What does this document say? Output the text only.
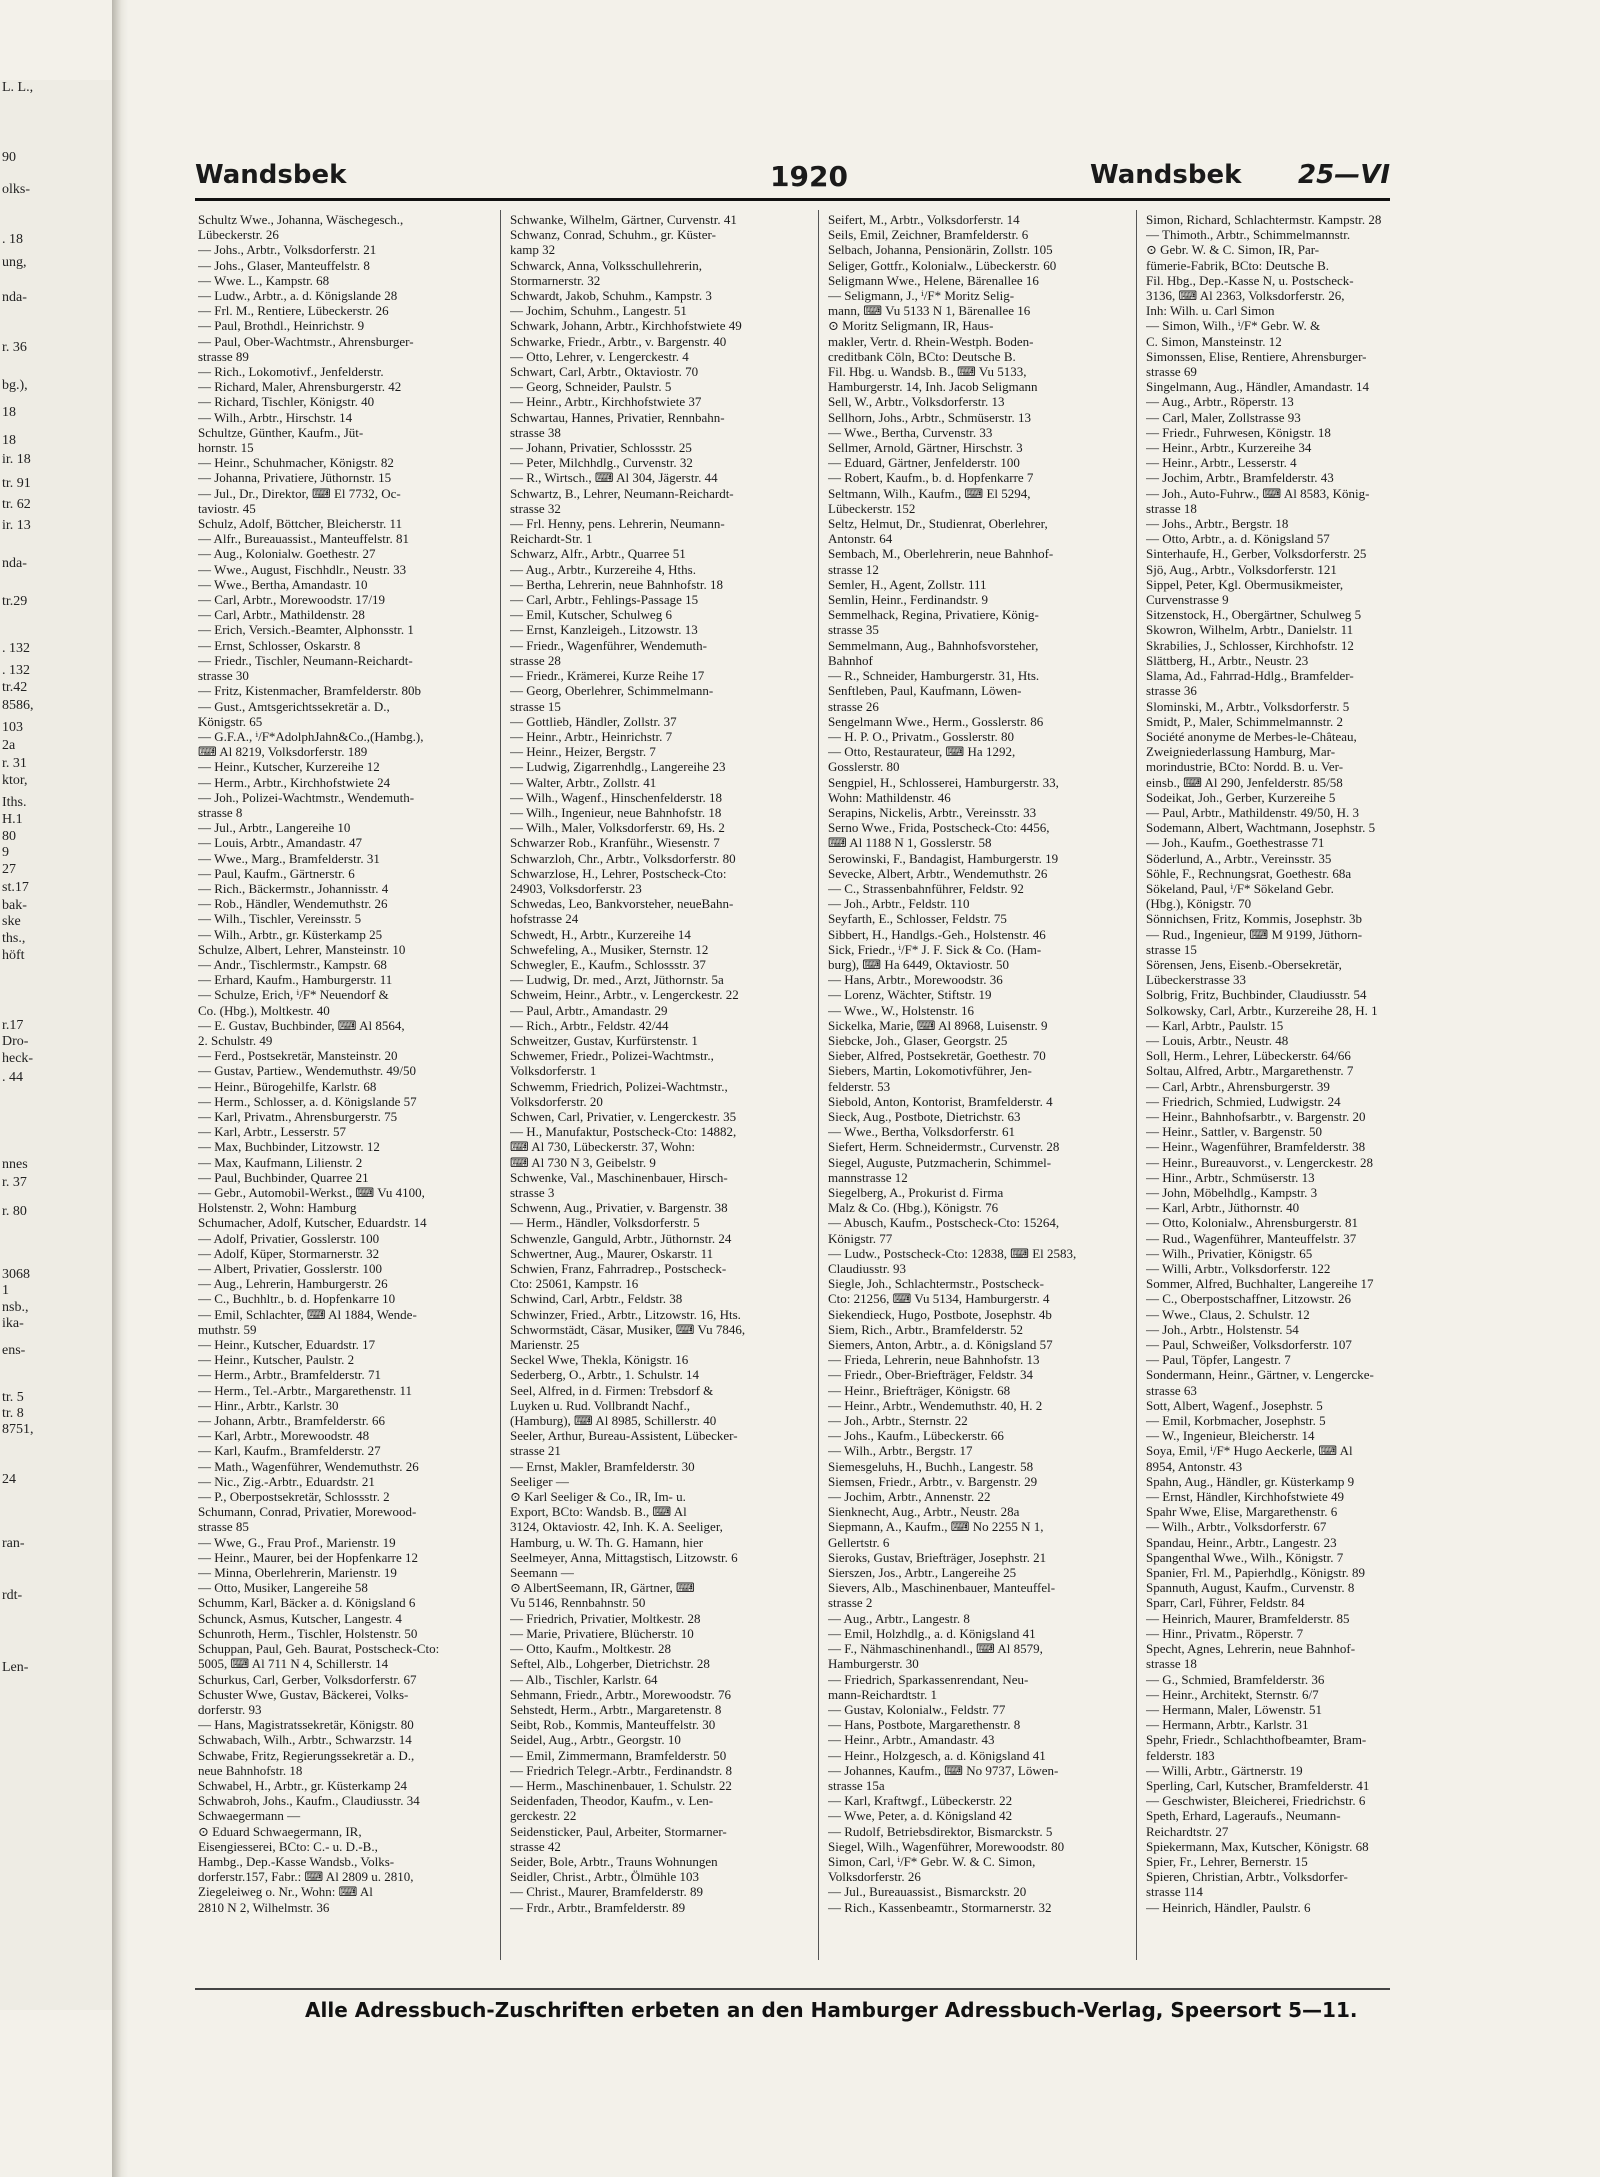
L. L.,
90
olks-
. 18
ung,
nda-
r. 36
bg.),
18
18
ir. 18
tr. 91
tr. 62
ir. 13
nda-
tr.29
. 132
. 132
tr.42
8586,
103
2a
r. 31
ktor,
Iths.
H.1
80
9
27
st.17
bak-
ske
ths.,
höft
r.17
Dro-
heck-
. 44
nnes
r. 37
r. 80
3068
1
nsb.,
ika-
ens-
tr. 5
tr. 8
8751,
24
ran-
rdt-
Len-
Wandsbek	1920	Wandsbek 25—VI
Schultz Wwe., Johanna, Wäschegesch.,
Lübeckerstr. 26
— Johs., Arbtr., Volksdorferstr. 21
— Johs., Glaser, Manteuffelstr. 8
— Wwe. L., Kampstr. 68
— Ludw., Arbtr., a. d. Königslande 28
— Frl. M., Rentiere, Lübeckerstr. 26
— Paul, Brothdl., Heinrichstr. 9
— Paul, Ober-Wachtmstr., Ahrensburger-
strasse 89
— Rich., Lokomotivf., Jenfelderstr.
— Richard, Maler, Ahrensburgerstr. 42
— Richard, Tischler, Königstr. 40
— Wilh., Arbtr., Hirschstr. 14
Schultze, Günther, Kaufm., Jüt-
hornstr. 15
— Heinr., Schuhmacher, Königstr. 82
— Johanna, Privatiere, Jüthornstr. 15
— Jul., Dr., Direktor, ⌨ El 7732, Oc-
taviostr. 45
Schulz, Adolf, Böttcher, Bleicherstr. 11
— Alfr., Bureauassist., Manteuffelstr. 81
— Aug., Kolonialw. Goethestr. 27
— Wwe., August, Fischhdlr., Neustr. 33
— Wwe., Bertha, Amandastr. 10
— Carl, Arbtr., Morewoodstr. 17/19
— Carl, Arbtr., Mathildenstr. 28
— Erich, Versich.-Beamter, Alphonsstr. 1
— Ernst, Schlosser, Oskarstr. 8
— Friedr., Tischler, Neumann-Reichardt-
strasse 30
— Fritz, Kistenmacher, Bramfelderstr. 80b
— Gust., Amtsgerichtssekretär a. D.,
Königstr. 65
— G.F.A., ⁱ/F*AdolphJahn&Co.,(Hambg.),
⌨ Al 8219, Volksdorferstr. 189
— Heinr., Kutscher, Kurzereihe 12
— Herm., Arbtr., Kirchhofstwiete 24
— Joh., Polizei-Wachtmstr., Wendemuth-
strasse 8
— Jul., Arbtr., Langereihe 10
— Louis, Arbtr., Amandastr. 47
— Wwe., Marg., Bramfelderstr. 31
— Paul, Kaufm., Gärtnerstr. 6
— Rich., Bäckermstr., Johannisstr. 4
— Rob., Händler, Wendemuthstr. 26
— Wilh., Tischler, Vereinsstr. 5
— Wilh., Arbtr., gr. Küsterkamp 25
Schulze, Albert, Lehrer, Mansteinstr. 10
— Andr., Tischlermstr., Kampstr. 68
— Erhard, Kaufm., Hamburgerstr. 11
— Schulze, Erich, ⁱ/F* Neuendorf &
Co. (Hbg.), Moltkestr. 40
— E. Gustav, Buchbinder, ⌨ Al 8564,
2. Schulstr. 49
— Ferd., Postsekretär, Mansteinstr. 20
— Gustav, Partiew., Wendemuthstr. 49/50
— Heinr., Bürogehilfe, Karlstr. 68
— Herm., Schlosser, a. d. Königslande 57
— Karl, Privatm., Ahrensburgerstr. 75
— Karl, Arbtr., Lesserstr. 57
— Max, Buchbinder, Litzowstr. 12
— Max, Kaufmann, Lilienstr. 2
— Paul, Buchbinder, Quarree 21
— Gebr., Automobil-Werkst., ⌨ Vu 4100,
Holstenstr. 2, Wohn: Hamburg
Schumacher, Adolf, Kutscher, Eduardstr. 14
— Adolf, Privatier, Gosslerstr. 100
— Adolf, Küper, Stormarnerstr. 32
— Albert, Privatier, Gosslerstr. 100
— Aug., Lehrerin, Hamburgerstr. 26
— C., Buchhltr., b. d. Hopfenkarre 10
— Emil, Schlachter, ⌨ Al 1884, Wende-
muthstr. 59
— Heinr., Kutscher, Eduardstr. 17
— Heinr., Kutscher, Paulstr. 2
— Herm., Arbtr., Bramfelderstr. 71
— Herm., Tel.-Arbtr., Margarethenstr. 11
— Hinr., Arbtr., Karlstr. 30
— Johann, Arbtr., Bramfelderstr. 66
— Karl, Arbtr., Morewoodstr. 48
— Karl, Kaufm., Bramfelderstr. 27
— Math., Wagenführer, Wendemuthstr. 26
— Nic., Zig.-Arbtr., Eduardstr. 21
— P., Oberpostsekretär, Schlossstr. 2
Schumann, Conrad, Privatier, Morewood-
strasse 85
— Wwe, G., Frau Prof., Marienstr. 19
— Heinr., Maurer, bei der Hopfenkarre 12
— Minna, Oberlehrerin, Marienstr. 19
— Otto, Musiker, Langereihe 58
Schumm, Karl, Bäcker a. d. Königsland 6
Schunck, Asmus, Kutscher, Langestr. 4
Schunroth, Herm., Tischler, Holstenstr. 50
Schuppan, Paul, Geh. Baurat, Postscheck-Cto:
5005, ⌨ Al 711 N 4, Schillerstr. 14
Schurkus, Carl, Gerber, Volksdorferstr. 67
Schuster Wwe, Gustav, Bäckerei, Volks-
dorferstr. 93
— Hans, Magistratssekretär, Königstr. 80
Schwabach, Wilh., Arbtr., Schwarzstr. 14
Schwabe, Fritz, Regierungssekretär a. D.,
neue Bahnhofstr. 18
Schwabel, H., Arbtr., gr. Küsterkamp 24
Schwabroh, Johs., Kaufm., Claudiusstr. 34
Schwaegermann —
⊙ Eduard Schwaegermann, IR,
Eisengiesserei, BCto: C.- u. D.-B.,
Hambg., Dep.-Kasse Wandsb., Volks-
dorferstr.157, Fabr.: ⌨ Al 2809 u. 2810,
Ziegeleiweg o. Nr., Wohn: ⌨ Al
2810 N 2, Wilhelmstr. 36
Schwanke, Wilhelm, Gärtner, Curvenstr. 41
Schwanz, Conrad, Schuhm., gr. Küster-
kamp 32
Schwarck, Anna, Volksschullehrerin,
Stormarnerstr. 32
Schwardt, Jakob, Schuhm., Kampstr. 3
— Jochim, Schuhm., Langestr. 51
Schwark, Johann, Arbtr., Kirchhofstwiete 49
Schwarke, Friedr., Arbtr., v. Bargenstr. 40
— Otto, Lehrer, v. Lengerckestr. 4
Schwart, Carl, Arbtr., Oktaviostr. 70
— Georg, Schneider, Paulstr. 5
— Heinr., Arbtr., Kirchhofstwiete 37
Schwartau, Hannes, Privatier, Rennbahn-
strasse 38
— Johann, Privatier, Schlossstr. 25
— Peter, Milchhdlg., Curvenstr. 32
— R., Wirtsch., ⌨ Al 304, Jägerstr. 44
Schwartz, B., Lehrer, Neumann-Reichardt-
strasse 32
— Frl. Henny, pens. Lehrerin, Neumann-
Reichardt-Str. 1
Schwarz, Alfr., Arbtr., Quarree 51
— Aug., Arbtr., Kurzereihe 4, Hths.
— Bertha, Lehrerin, neue Bahnhofstr. 18
— Carl, Arbtr., Fehlings-Passage 15
— Emil, Kutscher, Schulweg 6
— Ernst, Kanzleigeh., Litzowstr. 13
— Friedr., Wagenführer, Wendemuth-
strasse 28
— Friedr., Krämerei, Kurze Reihe 17
— Georg, Oberlehrer, Schimmelmann-
strasse 15
— Gottlieb, Händler, Zollstr. 37
— Heinr., Arbtr., Heinrichstr. 7
— Heinr., Heizer, Bergstr. 7
— Ludwig, Zigarrenhdlg., Langereihe 23
— Walter, Arbtr., Zollstr. 41
— Wilh., Wagenf., Hinschenfelderstr. 18
— Wilh., Ingenieur, neue Bahnhofstr. 18
— Wilh., Maler, Volksdorferstr. 69, Hs. 2
Schwarzer Rob., Kranführ., Wiesenstr. 7
Schwarzloh, Chr., Arbtr., Volksdorferstr. 80
Schwarzlose, H., Lehrer, Postscheck-Cto:
24903, Volksdorferstr. 23
Schwedas, Leo, Bankvorsteher, neueBahn-
hofstrasse 24
Schwedt, H., Arbtr., Kurzereihe 14
Schwefeling, A., Musiker, Sternstr. 12
Schwegler, E., Kaufm., Schlossstr. 37
— Ludwig, Dr. med., Arzt, Jüthornstr. 5a
Schweim, Heinr., Arbtr., v. Lengerckestr. 22
— Paul, Arbtr., Amandastr. 29
— Rich., Arbtr., Feldstr. 42/44
Schweitzer, Gustav, Kurfürstenstr. 1
Schwemer, Friedr., Polizei-Wachtmstr.,
Volksdorferstr. 1
Schwemm, Friedrich, Polizei-Wachtmstr.,
Volksdorferstr. 20
Schwen, Carl, Privatier, v. Lengerckestr. 35
— H., Manufaktur, Postscheck-Cto: 14882,
⌨ Al 730, Lübeckerstr. 37, Wohn:
⌨ Al 730 N 3, Geibelstr. 9
Schwenke, Val., Maschinenbauer, Hirsch-
strasse 3
Schwenn, Aug., Privatier, v. Bargenstr. 38
— Herm., Händler, Volksdorferstr. 5
Schwenzle, Ganguld, Arbtr., Jüthornstr. 24
Schwertner, Aug., Maurer, Oskarstr. 11
Schwien, Franz, Fahrradrep., Postscheck-
Cto: 25061, Kampstr. 16
Schwind, Carl, Arbtr., Feldstr. 38
Schwinzer, Fried., Arbtr., Litzowstr. 16, Hts.
Schwormstädt, Cäsar, Musiker, ⌨ Vu 7846,
Marienstr. 25
Seckel Wwe, Thekla, Königstr. 16
Sederberg, O., Arbtr., 1. Schulstr. 14
Seel, Alfred, in d. Firmen: Trebsdorf &
Luyken u. Rud. Vollbrandt Nachf.,
(Hamburg), ⌨ Al 8985, Schillerstr. 40
Seeler, Arthur, Bureau-Assistent, Lübecker-
strasse 21
— Ernst, Makler, Bramfelderstr. 30
Seeliger —
⊙ Karl Seeliger & Co., IR, Im- u.
Export, BCto: Wandsb. B., ⌨ Al
3124, Oktaviostr. 42, Inh. K. A. Seeliger,
Hamburg, u. W. Th. G. Hamann, hier
Seelmeyer, Anna, Mittagstisch, Litzowstr. 6
Seemann —
⊙ AlbertSeemann, IR, Gärtner, ⌨
Vu 5146, Rennbahnstr. 50
— Friedrich, Privatier, Moltkestr. 28
— Marie, Privatiere, Blücherstr. 10
— Otto, Kaufm., Moltkestr. 28
Seftel, Alb., Lohgerber, Dietrichstr. 28
— Alb., Tischler, Karlstr. 64
Sehmann, Friedr., Arbtr., Morewoodstr. 76
Sehstedt, Herm., Arbtr., Margaretenstr. 8
Seibt, Rob., Kommis, Manteuffelstr. 30
Seidel, Aug., Arbtr., Georgstr. 10
— Emil, Zimmermann, Bramfelderstr. 50
— Friedrich Telegr.-Arbtr., Ferdinandstr. 8
— Herm., Maschinenbauer, 1. Schulstr. 22
Seidenfaden, Theodor, Kaufm., v. Len-
gerckestr. 22
Seidensticker, Paul, Arbeiter, Stormarner-
strasse 42
Seider, Bole, Arbtr., Trauns Wohnungen
Seidler, Christ., Arbtr., Ölmühle 103
— Christ., Maurer, Bramfelderstr. 89
— Frdr., Arbtr., Bramfelderstr. 89
Seifert, M., Arbtr., Volksdorferstr. 14
Seils, Emil, Zeichner, Bramfelderstr. 6
Selbach, Johanna, Pensionärin, Zollstr. 105
Seliger, Gottfr., Kolonialw., Lübeckerstr. 60
Seligmann Wwe., Helene, Bärenallee 16
— Seligmann, J., ⁱ/F* Moritz Selig-
mann, ⌨ Vu 5133 N 1, Bärenallee 16
⊙ Moritz Seligmann, IR, Haus-
makler, Vertr. d. Rhein-Westph. Boden-
creditbank Cöln, BCto: Deutsche B.
Fil. Hbg. u. Wandsb. B., ⌨ Vu 5133,
Hamburgerstr. 14, Inh. Jacob Seligmann
Sell, W., Arbtr., Volksdorferstr. 13
Sellhorn, Johs., Arbtr., Schmüserstr. 13
— Wwe., Bertha, Curvenstr. 33
Sellmer, Arnold, Gärtner, Hirschstr. 3
— Eduard, Gärtner, Jenfelderstr. 100
— Robert, Kaufm., b. d. Hopfenkarre 7
Seltmann, Wilh., Kaufm., ⌨ El 5294,
Lübeckerstr. 152
Seltz, Helmut, Dr., Studienrat, Oberlehrer,
Antonstr. 64
Sembach, M., Oberlehrerin, neue Bahnhof-
strasse 12
Semler, H., Agent, Zollstr. 111
Semlin, Heinr., Ferdinandstr. 9
Semmelhack, Regina, Privatiere, König-
strasse 35
Semmelmann, Aug., Bahnhofsvorsteher,
Bahnhof
— R., Schneider, Hamburgerstr. 31, Hts.
Senftleben, Paul, Kaufmann, Löwen-
strasse 26
Sengelmann Wwe., Herm., Gosslerstr. 86
— H. P. O., Privatm., Gosslerstr. 80
— Otto, Restaurateur, ⌨ Ha 1292,
Gosslerstr. 80
Sengpiel, H., Schlosserei, Hamburgerstr. 33,
Wohn: Mathildenstr. 46
Serapins, Nickelis, Arbtr., Vereinsstr. 33
Serno Wwe., Frida, Postscheck-Cto: 4456,
⌨ Al 1188 N 1, Gosslerstr. 58
Serowinski, F., Bandagist, Hamburgerstr. 19
Sevecke, Albert, Arbtr., Wendemuthstr. 26
— C., Strassenbahnführer, Feldstr. 92
— Joh., Arbtr., Feldstr. 110
Seyfarth, E., Schlosser, Feldstr. 75
Sibbert, H., Handlgs.-Geh., Holstenstr. 46
Sick, Friedr., ⁱ/F* J. F. Sick & Co. (Ham-
burg), ⌨ Ha 6449, Oktaviostr. 50
— Hans, Arbtr., Morewoodstr. 36
— Lorenz, Wächter, Stiftstr. 19
— Wwe., W., Holstenstr. 16
Sickelka, Marie, ⌨ Al 8968, Luisenstr. 9
Siebcke, Joh., Glaser, Georgstr. 25
Sieber, Alfred, Postsekretär, Goethestr. 70
Siebers, Martin, Lokomotivführer, Jen-
felderstr. 53
Siebold, Anton, Kontorist, Bramfelderstr. 4
Sieck, Aug., Postbote, Dietrichstr. 63
— Wwe., Bertha, Volksdorferstr. 61
Siefert, Herm. Schneidermstr., Curvenstr. 28
Siegel, Auguste, Putzmacherin, Schimmel-
mannstrasse 12
Siegelberg, A., Prokurist d. Firma
Malz & Co. (Hbg.), Königstr. 76
— Abusch, Kaufm., Postscheck-Cto: 15264,
Königstr. 77
— Ludw., Postscheck-Cto: 12838, ⌨ El 2583,
Claudiusstr. 93
Siegle, Joh., Schlachtermstr., Postscheck-
Cto: 21256, ⌨ Vu 5134, Hamburgerstr. 4
Siekendieck, Hugo, Postbote, Josephstr. 4b
Siem, Rich., Arbtr., Bramfelderstr. 52
Siemers, Anton, Arbtr., a. d. Königsland 57
— Frieda, Lehrerin, neue Bahnhofstr. 13
— Friedr., Ober-Briefträger, Feldstr. 34
— Heinr., Briefträger, Königstr. 68
— Heinr., Arbtr., Wendemuthstr. 40, H. 2
— Joh., Arbtr., Sternstr. 22
— Johs., Kaufm., Lübeckerstr. 66
— Wilh., Arbtr., Bergstr. 17
Siemesgeluhs, H., Buchh., Langestr. 58
Siemsen, Friedr., Arbtr., v. Bargenstr. 29
— Jochim, Arbtr., Annenstr. 22
Sienknecht, Aug., Arbtr., Neustr. 28a
Siepmann, A., Kaufm., ⌨ No 2255 N 1,
Gellertstr. 6
Sieroks, Gustav, Briefträger, Josephstr. 21
Sierszen, Jos., Arbtr., Langereihe 25
Sievers, Alb., Maschinenbauer, Manteuffel-
strasse 2
— Aug., Arbtr., Langestr. 8
— Emil, Holzhdlg., a. d. Königsland 41
— F., Nähmaschinenhandl., ⌨ Al 8579,
Hamburgerstr. 30
— Friedrich, Sparkassenrendant, Neu-
mann-Reichardtstr. 1
— Gustav, Kolonialw., Feldstr. 77
— Hans, Postbote, Margarethenstr. 8
— Heinr., Arbtr., Amandastr. 43
— Heinr., Holzgesch, a. d. Königsland 41
— Johannes, Kaufm., ⌨ No 9737, Löwen-
strasse 15a
— Karl, Kraftwgf., Lübeckerstr. 22
— Wwe, Peter, a. d. Königsland 42
— Rudolf, Betriebsdirektor, Bismarckstr. 5
Siegel, Wilh., Wagenführer, Morewoodstr. 80
Simon, Carl, ⁱ/F* Gebr. W. & C. Simon,
Volksdorferstr. 26
— Jul., Bureauassist., Bismarckstr. 20
— Rich., Kassenbeamtr., Stormarnerstr. 32
Simon, Richard, Schlachtermstr. Kampstr. 28
— Thimoth., Arbtr., Schimmelmannstr.
⊙ Gebr. W. & C. Simon, IR, Par-
fümerie-Fabrik, BCto: Deutsche B.
Fil. Hbg., Dep.-Kasse N, u. Postscheck-
3136, ⌨ Al 2363, Volksdorferstr. 26,
Inh: Wilh. u. Carl Simon
— Simon, Wilh., ⁱ/F* Gebr. W. &
C. Simon, Mansteinstr. 12
Simonssen, Elise, Rentiere, Ahrensburger-
strasse 69
Singelmann, Aug., Händler, Amandastr. 14
— Aug., Arbtr., Röperstr. 13
— Carl, Maler, Zollstrasse 93
— Friedr., Fuhrwesen, Königstr. 18
— Heinr., Arbtr., Kurzereihe 34
— Heinr., Arbtr., Lesserstr. 4
— Jochim, Arbtr., Bramfelderstr. 43
— Joh., Auto-Fuhrw., ⌨ Al 8583, König-
strasse 18
— Johs., Arbtr., Bergstr. 18
— Otto, Arbtr., a. d. Königsland 57
Sinterhaufe, H., Gerber, Volksdorferstr. 25
Sjö, Aug., Arbtr., Volksdorferstr. 121
Sippel, Peter, Kgl. Obermusikmeister,
Curvenstrasse 9
Sitzenstock, H., Obergärtner, Schulweg 5
Skowron, Wilhelm, Arbtr., Danielstr. 11
Skrabilies, J., Schlosser, Kirchhofstr. 12
Slättberg, H., Arbtr., Neustr. 23
Slama, Ad., Fahrrad-Hdlg., Bramfelder-
strasse 36
Slominski, M., Arbtr., Volksdorferstr. 5
Smidt, P., Maler, Schimmelmannstr. 2
Société anonyme de Merbes-le-Château,
Zweigniederlassung Hamburg, Mar-
morindustrie, BCto: Nordd. B. u. Ver-
einsb., ⌨ Al 290, Jenfelderstr. 85/58
Sodeikat, Joh., Gerber, Kurzereihe 5
— Paul, Arbtr., Mathildenstr. 49/50, H. 3
Sodemann, Albert, Wachtmann, Josephstr. 5
— Joh., Kaufm., Goethestrasse 71
Söderlund, A., Arbtr., Vereinsstr. 35
Söhle, F., Rechnungsrat, Goethestr. 68a
Sökeland, Paul, ⁱ/F* Sökeland Gebr.
(Hbg.), Königstr. 70
Sönnichsen, Fritz, Kommis, Josephstr. 3b
— Rud., Ingenieur, ⌨ M 9199, Jüthorn-
strasse 15
Sörensen, Jens, Eisenb.-Obersekretär,
Lübeckerstrasse 33
Solbrig, Fritz, Buchbinder, Claudiusstr. 54
Solkowsky, Carl, Arbtr., Kurzereihe 28, H. 1
— Karl, Arbtr., Paulstr. 15
— Louis, Arbtr., Neustr. 48
Soll, Herm., Lehrer, Lübeckerstr. 64/66
Soltau, Alfred, Arbtr., Margarethenstr. 7
— Carl, Arbtr., Ahrensburgerstr. 39
— Friedrich, Schmied, Ludwigstr. 24
— Heinr., Bahnhofsarbtr., v. Bargenstr. 20
— Heinr., Sattler, v. Bargenstr. 50
— Heinr., Wagenführer, Bramfelderstr. 38
— Heinr., Bureauvorst., v. Lengerckestr. 28
— Hinr., Arbtr., Schmüserstr. 13
— John, Möbelhdlg., Kampstr. 3
— Karl, Arbtr., Jüthornstr. 40
— Otto, Kolonialw., Ahrensburgerstr. 81
— Rud., Wagenführer, Manteuffelstr. 37
— Wilh., Privatier, Königstr. 65
— Willi, Arbtr., Volksdorferstr. 122
Sommer, Alfred, Buchhalter, Langereihe 17
— C., Oberpostschaffner, Litzowstr. 26
— Wwe., Claus, 2. Schulstr. 12
— Joh., Arbtr., Holstenstr. 54
— Paul, Schweißer, Volksdorferstr. 107
— Paul, Töpfer, Langestr. 7
Sondermann, Heinr., Gärtner, v. Lengercke-
strasse 63
Sott, Albert, Wagenf., Josephstr. 5
— Emil, Korbmacher, Josephstr. 5
— W., Ingenieur, Bleicherstr. 14
Soya, Emil, ⁱ/F* Hugo Aeckerle, ⌨ Al
8954, Antonstr. 43
Spahn, Aug., Händler, gr. Küsterkamp 9
— Ernst, Händler, Kirchhofstwiete 49
Spahr Wwe, Elise, Margarethenstr. 6
— Wilh., Arbtr., Volksdorferstr. 67
Spandau, Heinr., Arbtr., Langestr. 23
Spangenthal Wwe., Wilh., Königstr. 7
Spanier, Frl. M., Papierhdlg., Königstr. 89
Spannuth, August, Kaufm., Curvenstr. 8
Sparr, Carl, Führer, Feldstr. 84
— Heinrich, Maurer, Bramfelderstr. 85
— Hinr., Privatm., Röperstr. 7
Specht, Agnes, Lehrerin, neue Bahnhof-
strasse 18
— G., Schmied, Bramfelderstr. 36
— Heinr., Architekt, Sternstr. 6/7
— Hermann, Maler, Löwenstr. 51
— Hermann, Arbtr., Karlstr. 31
Spehr, Friedr., Schlachthofbeamter, Bram-
felderstr. 183
— Willi, Arbtr., Gärtnerstr. 19
Sperling, Carl, Kutscher, Bramfelderstr. 41
— Geschwister, Bleicherei, Friedrichstr. 6
Speth, Erhard, Lageraufs., Neumann-
Reichardtstr. 27
Spiekermann, Max, Kutscher, Königstr. 68
Spier, Fr., Lehrer, Bernerstr. 15
Spieren, Christian, Arbtr., Volksdorfer-
strasse 114
— Heinrich, Händler, Paulstr. 6
Alle Adressbuch-Zuschriften erbeten an den Hamburger Adressbuch-Verlag, Speersort 5—11.
